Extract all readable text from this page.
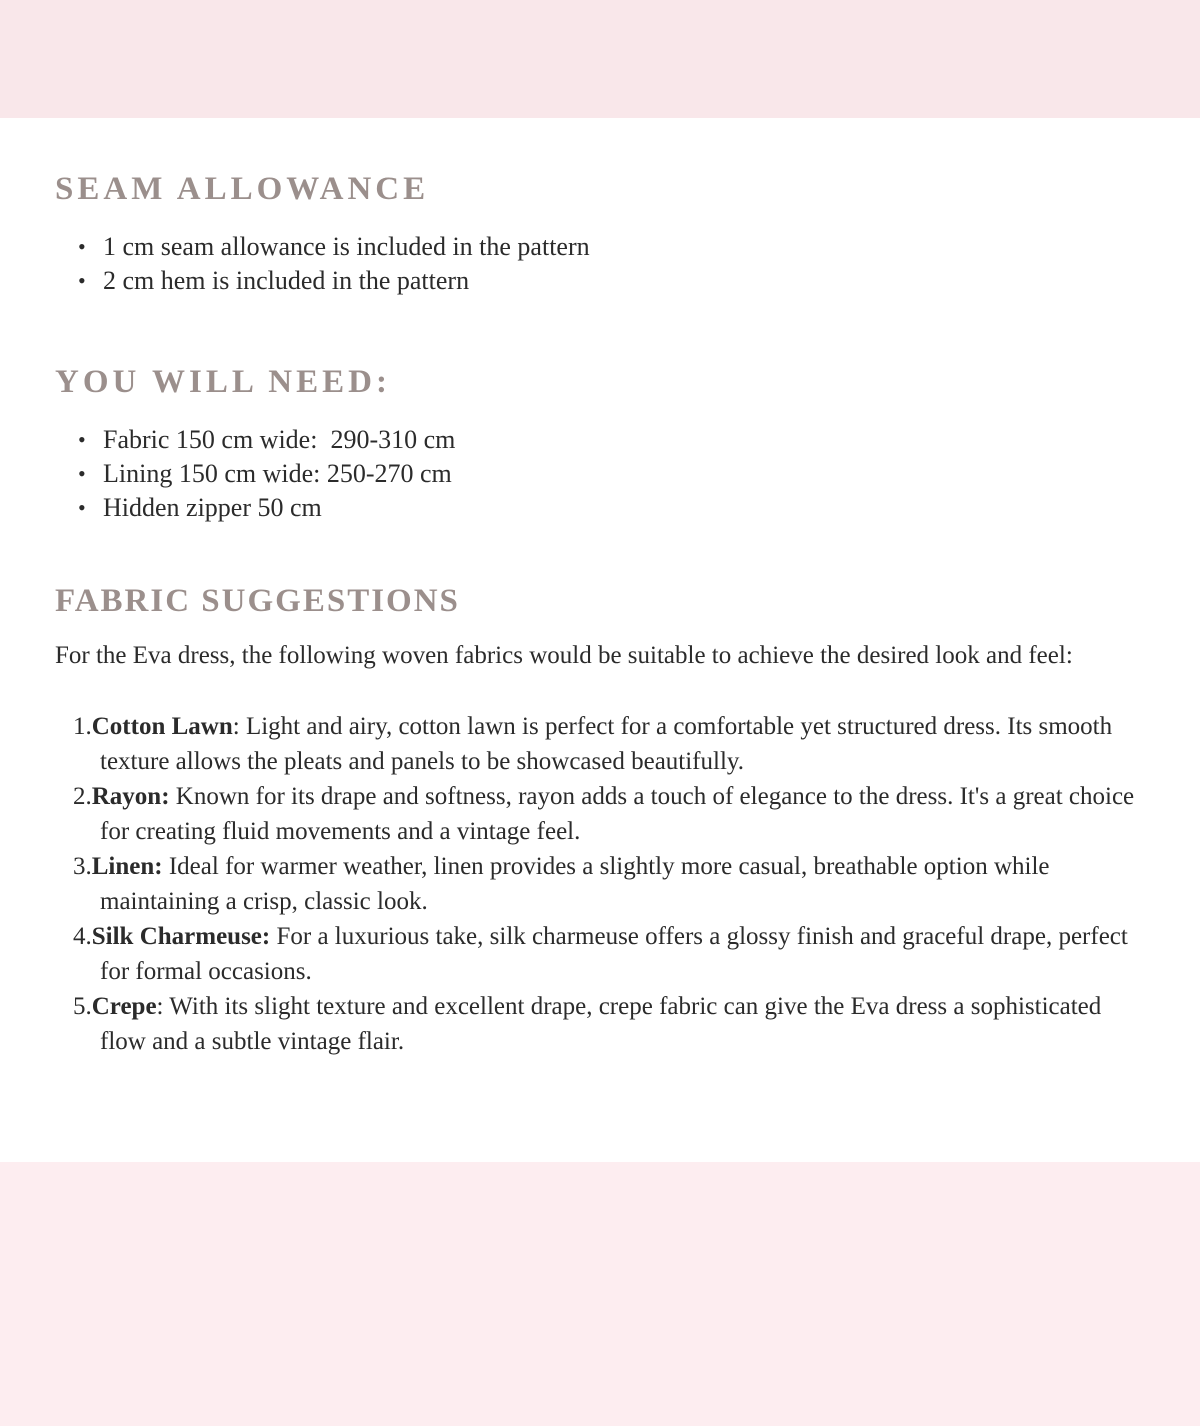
SEAM ALLOWANCE
• 1 cm seam allowance is included in the pattern
• 2 cm hem is included in the pattern
YOU WILL NEED:
• Fabric 150 cm wide:  290-310 cm
• Lining 150 cm wide: 250-270 cm
• Hidden zipper 50 cm
FABRIC SUGGESTIONS

For the Eva dress, the following woven fabrics would be suitable to achieve the desired look and feel:

1.Cotton Lawn: Light and airy, cotton lawn is perfect for a comfortable yet structured dress. Its smooth texture allows the pleats and panels to be showcased beautifully.
2.Rayon: Known for its drape and softness, rayon adds a touch of elegance to the dress. It's a great choice for creating fluid movements and a vintage feel.
3.Linen: Ideal for warmer weather, linen provides a slightly more casual, breathable option while maintaining a crisp, classic look.
4.Silk Charmeuse: For a luxurious take, silk charmeuse offers a glossy finish and graceful drape, perfect for formal occasions.
5.Crepe: With its slight texture and excellent drape, crepe fabric can give the Eva dress a sophisticated flow and a subtle vintage flair.
